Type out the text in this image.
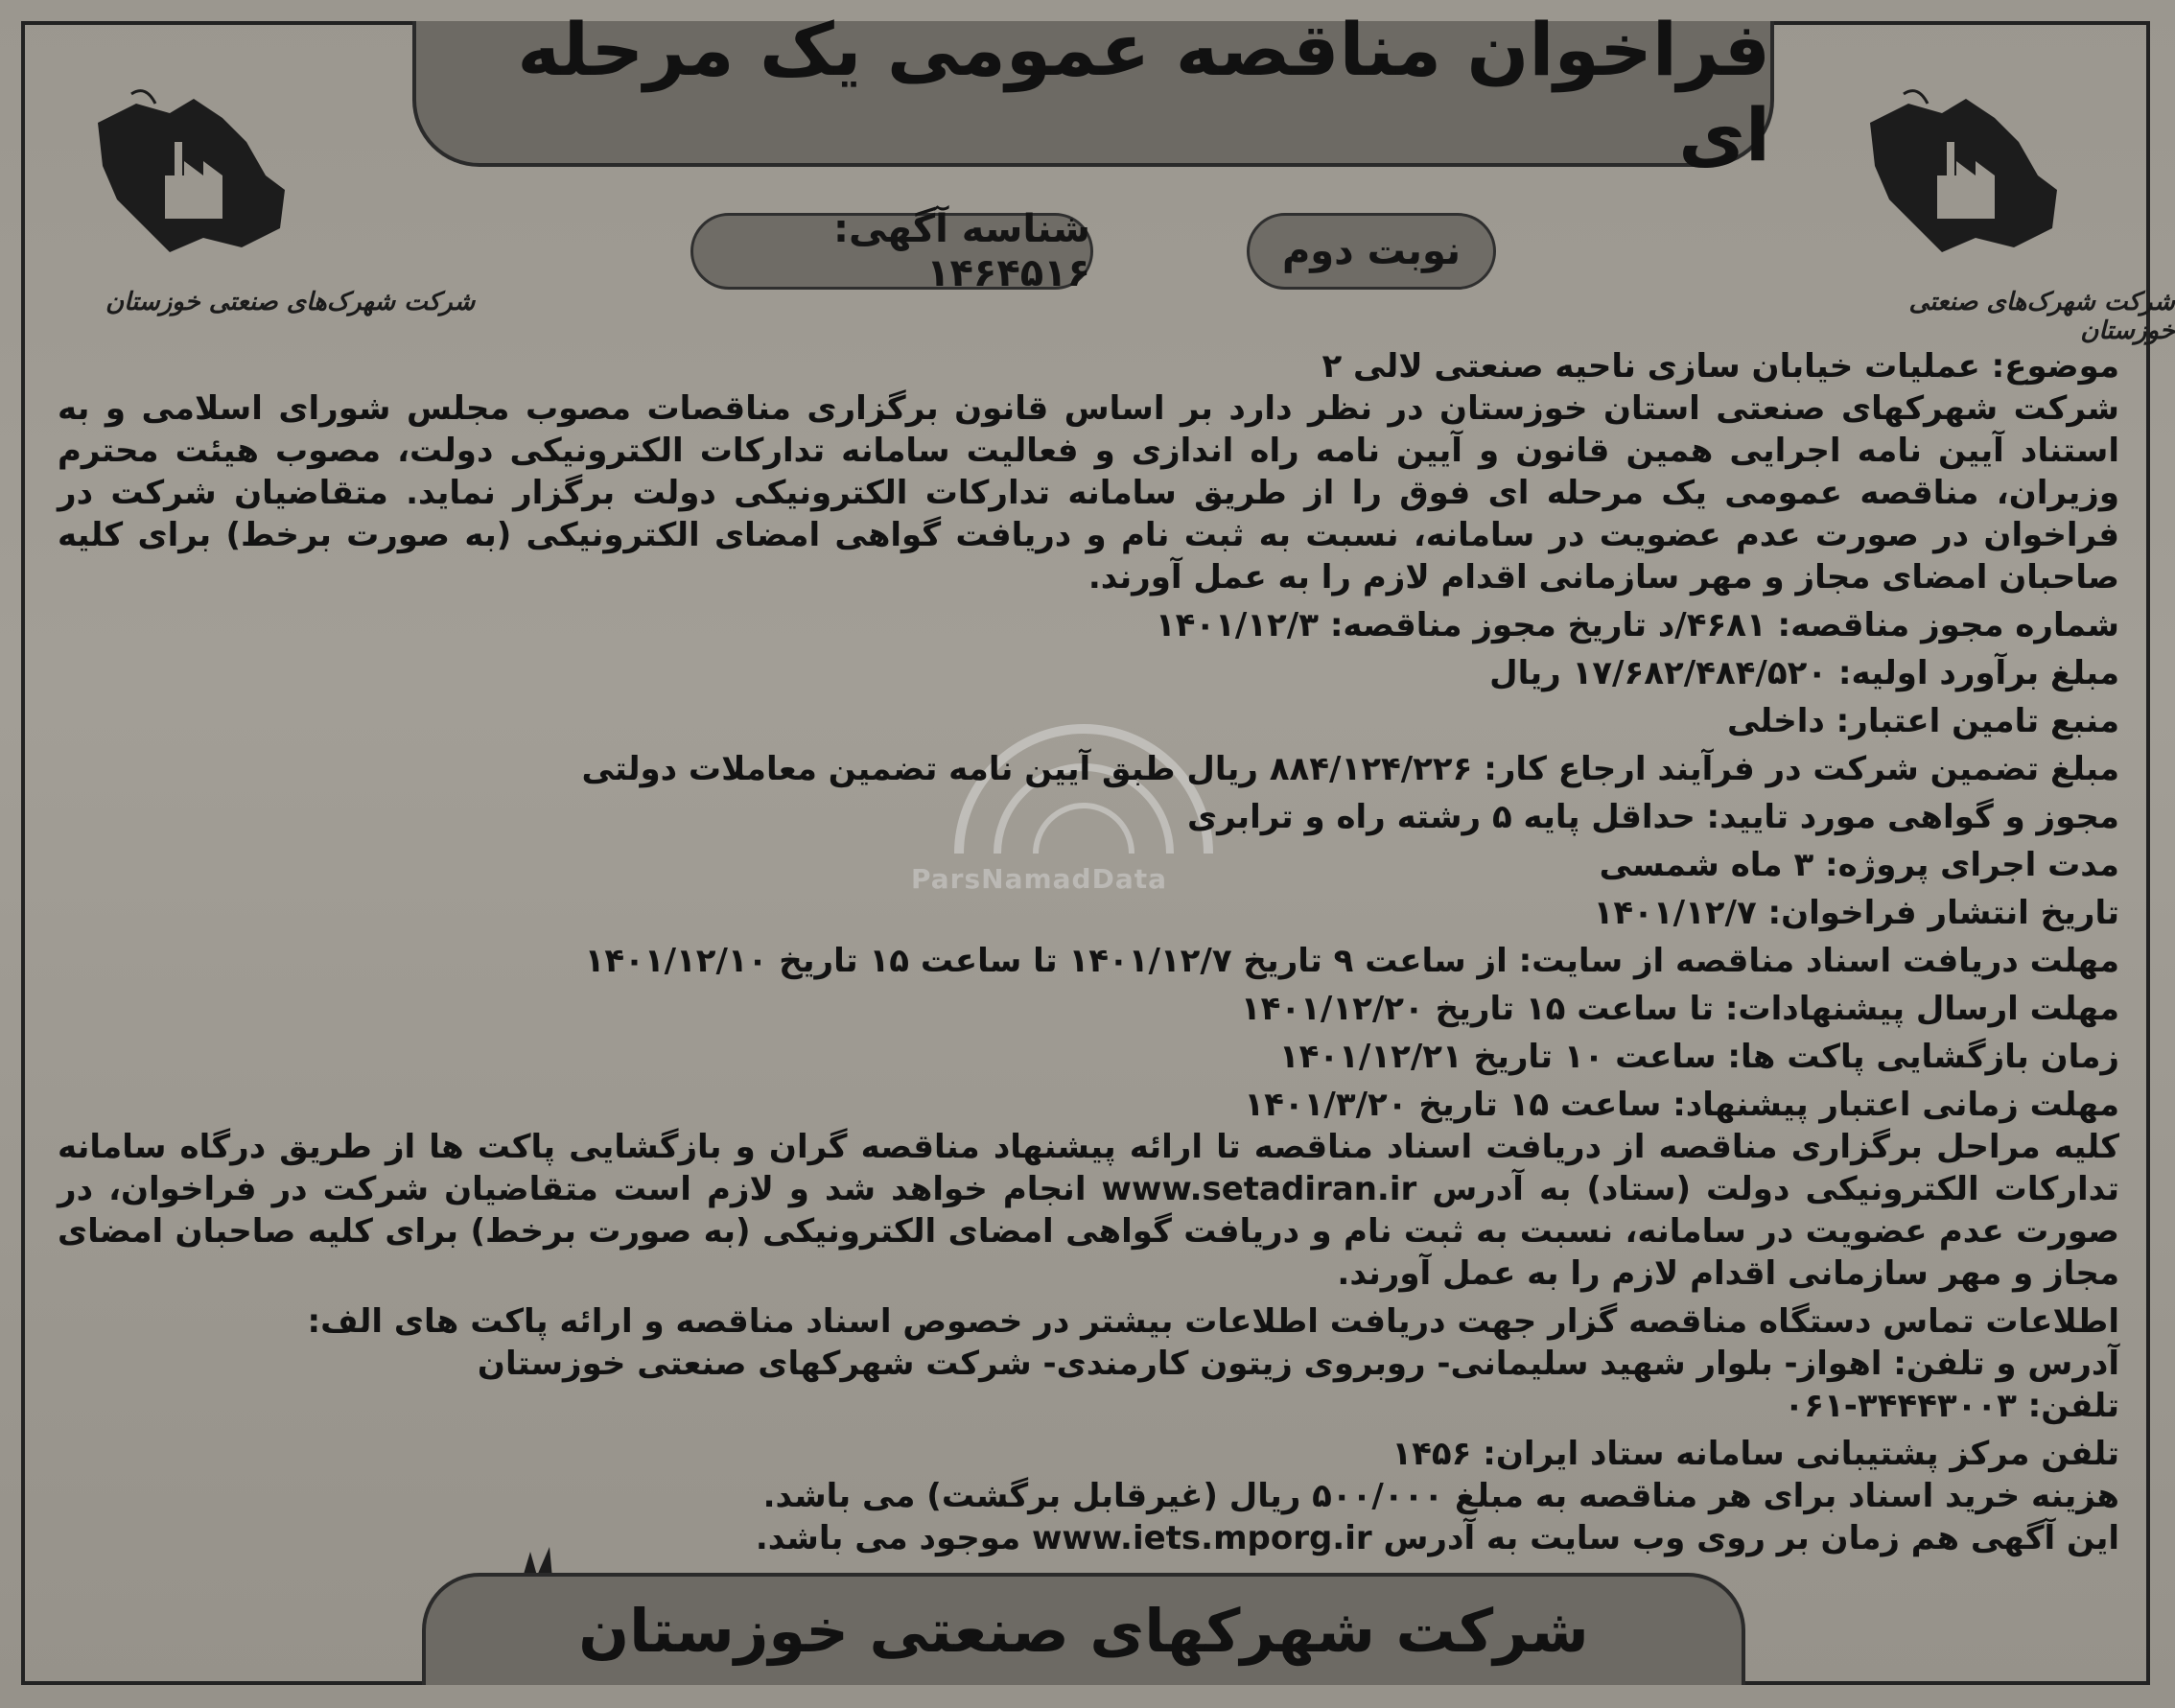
فراخوان مناقصه عمومی یک مرحله ای
نوبت دوم
شناسه آگهی: ۱۴۶۴۵۱۶
شرکت شهرک‌های صنعتی خوزستان	شرکت شهرک‌های صنعتی خوزستان
ParsNamadData

موضوع: عملیات خیابان سازی ناحیه صنعتی لالی ۲

شرکت شهرکهای صنعتی استان خوزستان در نظر دارد بر اساس قانون برگزاری مناقصات مصوب مجلس شورای اسلامی و به استناد آیین نامه اجرایی همین قانون و آیین نامه راه اندازی و فعالیت سامانه تدارکات الکترونیکی دولت، مصوب هیئت محترم وزیران، مناقصه عمومی یک مرحله ای فوق را از طریق سامانه تدارکات الکترونیکی دولت برگزار نماید. متقاضیان شرکت در فراخوان در صورت عدم عضویت در سامانه، نسبت به ثبت نام و دریافت گواهی امضای الکترونیکی (به صورت برخط) برای کلیه صاحبان امضای مجاز و مهر سازمانی اقدام لازم را به عمل آورند.

شماره مجوز مناقصه: ۴۶۸۱/د تاریخ مجوز مناقصه: ۱۴۰۱/۱۲/۳

مبلغ برآورد اولیه: ۱۷/۶۸۲/۴۸۴/۵۲۰ ریال

منبع تامین اعتبار: داخلی

مبلغ تضمین شرکت در فرآیند ارجاع کار: ۸۸۴/۱۲۴/۲۲۶ ریال طبق آیین نامه تضمین معاملات دولتی

مجوز و گواهی مورد تایید: حداقل پایه ۵ رشته راه و ترابری

مدت اجرای پروژه: ۳ ماه شمسی

تاریخ انتشار فراخوان: ۱۴۰۱/۱۲/۷

مهلت دریافت اسناد مناقصه از سایت: از ساعت ۹ تاریخ ۱۴۰۱/۱۲/۷ تا ساعت ۱۵ تاریخ ۱۴۰۱/۱۲/۱۰

مهلت ارسال پیشنهادات: تا ساعت ۱۵ تاریخ ۱۴۰۱/۱۲/۲۰

زمان بازگشایی پاکت ها: ساعت ۱۰ تاریخ ۱۴۰۱/۱۲/۲۱

مهلت زمانی اعتبار پیشنهاد: ساعت ۱۵ تاریخ ۱۴۰۱/۳/۲۰

کلیه مراحل برگزاری مناقصه از دریافت اسناد مناقصه تا ارائه پیشنهاد مناقصه گران و بازگشایی پاکت ها از طریق درگاه سامانه تدارکات الکترونیکی دولت (ستاد) به آدرس www.setadiran.ir انجام خواهد شد و لازم است متقاضیان شرکت در فراخوان، در صورت عدم عضویت در سامانه، نسبت به ثبت نام و دریافت گواهی امضای الکترونیکی (به صورت برخط) برای کلیه صاحبان امضای مجاز و مهر سازمانی اقدام لازم را به عمل آورند.

اطلاعات تماس دستگاه مناقصه گزار جهت دریافت اطلاعات بیشتر در خصوص اسناد مناقصه و ارائه پاکت های الف:

آدرس و تلفن: اهواز- بلوار شهید سلیمانی- روبروی زیتون کارمندی- شرکت شهرکهای صنعتی خوزستان

تلفن: ۳۴۴۴۳۰۰۳-۰۶۱

تلفن مرکز پشتیبانی سامانه ستاد ایران: ۱۴۵۶

هزینه خرید اسناد برای هر مناقصه به مبلغ ۵۰۰/۰۰۰ ریال (غیرقابل برگشت) می باشد.

این آگهی هم زمان بر روی وب سایت به آدرس www.iets.mporg.ir موجود می باشد.

شرکت شهرکهای صنعتی خوزستان
